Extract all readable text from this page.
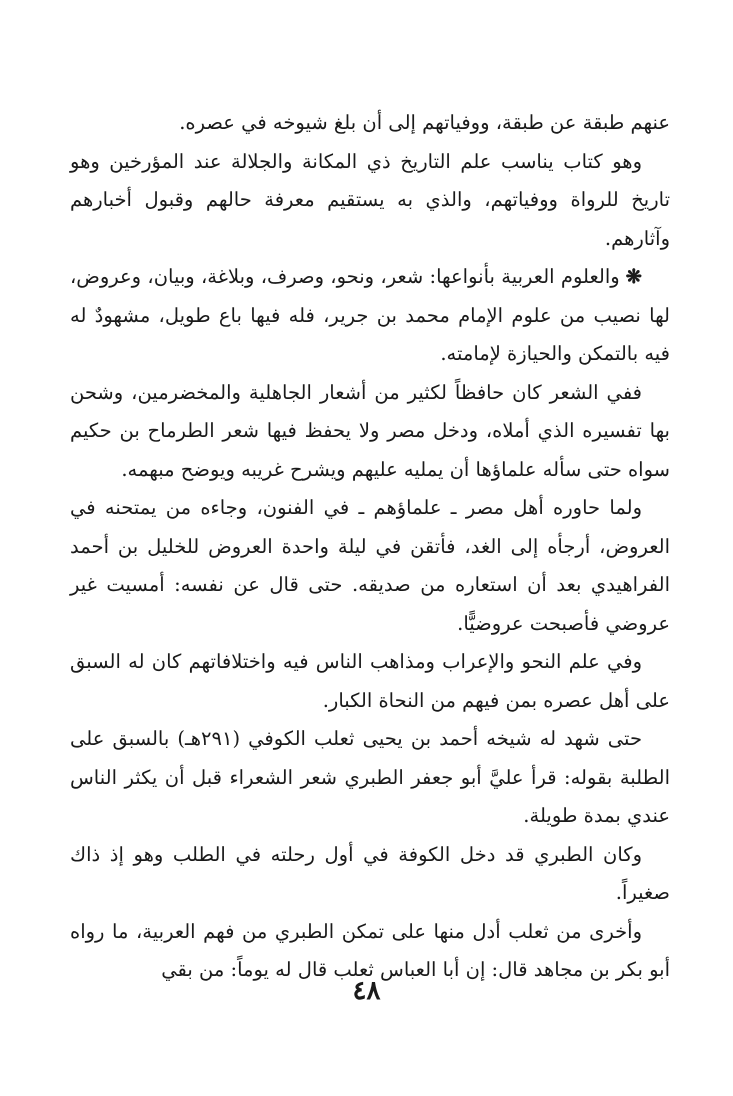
عنهم طبقة عن طبقة، ووفياتهم إلى أن بلغ شيوخه في عصره.

وهو كتاب يناسب علم التاريخ ذي المكانة والجلالة عند المؤرخين وهو تاريخ للرواة ووفياتهم، والذي به يستقيم معرفة حالهم وقبول أخبارهم وآثارهم.

❋والعلوم العربية بأنواعها: شعر، ونحو، وصرف، وبلاغة، وبيان، وعروض، لها نصيب من علوم الإمام محمد بن جرير، فله فيها باع طويل، مشهودٌ له فيه بالتمكن والحيازة لإمامته.

ففي الشعر كان حافظاً لكثير من أشعار الجاهلية والمخضرمين، وشحن بها تفسيره الذي أملاه، ودخل مصر ولا يحفظ فيها شعر الطرماح بن حكيم سواه حتى سأله علماؤها أن يمليه عليهم ويشرح غريبه ويوضح مبهمه.

ولما حاوره أهل مصر ـ علماؤهم ـ في الفنون، وجاءه من يمتحنه في العروض، أرجأه إلى الغد، فأتقن في ليلة واحدة العروض للخليل بن أحمد الفراهيدي بعد أن استعاره من صديقه. حتى قال عن نفسه: أمسيت غير عروضي فأصبحت عروضيًّا.

وفي علم النحو والإعراب ومذاهب الناس فيه واختلافاتهم كان له السبق على أهل عصره بمن فيهم من النحاة الكبار.

حتى شهد له شيخه أحمد بن يحيى ثعلب الكوفي (٢٩١هـ) بالسبق على الطلبة بقوله: قرأ عليَّ أبو جعفر الطبري شعر الشعراء قبل أن يكثر الناس عندي بمدة طويلة.

وكان الطبري قد دخل الكوفة في أول رحلته في الطلب وهو إذ ذاك صغيراً.

وأخرى من ثعلب أدل منها على تمكن الطبري من فهم العربية، ما رواه أبو بكر بن مجاهد قال: إن أبا العباس ثعلب قال له يوماً: من بقي

٤٨
